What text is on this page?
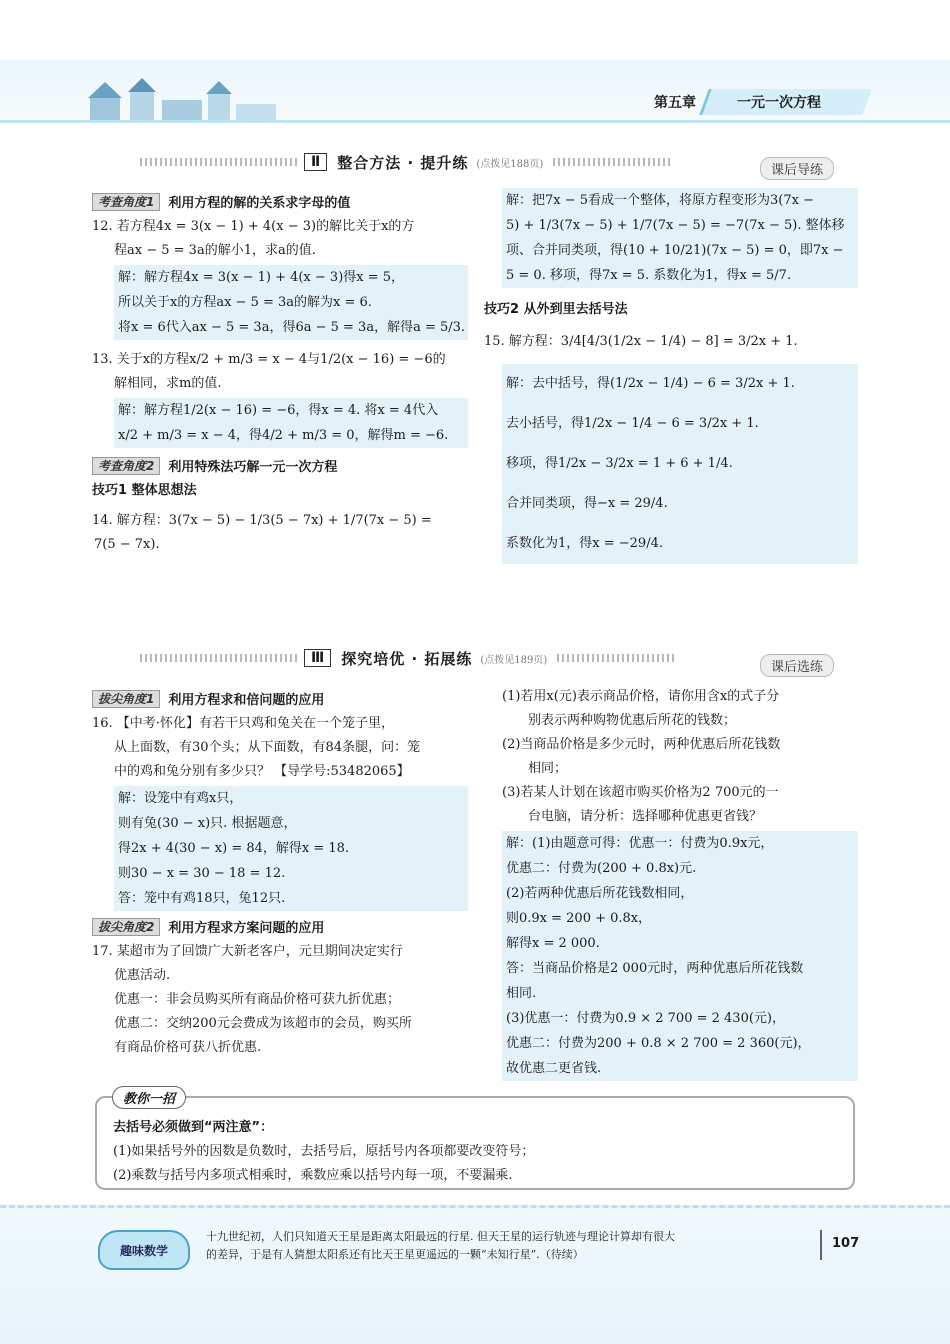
第五章	一元一次方程
Ⅱ	整合方法 · 提升练 (点拨见188页)	课后导练
考查角度1	利用方程的解的关系求字母的值
12. 若方程4x = 3(x − 1) + 4(x − 3)的解比关于x的方
程ax − 5 = 3a的解小1，求a的值.
解：解方程4x = 3(x − 1) + 4(x − 3)得x = 5，
所以关于x的方程ax − 5 = 3a的解为x = 6.
将x = 6代入ax − 5 = 3a，得6a − 5 = 3a，解得a = 5/3.
13. 关于x的方程x/2 + m/3 = x − 4与1/2(x − 16) = −6的
解相同，求m的值.
解：解方程1/2(x − 16) = −6，得x = 4. 将x = 4代入
x/2 + m/3 = x − 4，得4/2 + m/3 = 0，解得m = −6.
考查角度2	利用特殊法巧解一元一次方程
技巧1 整体思想法
14. 解方程：3(7x − 5) − 1/3(5 − 7x) + 1/7(7x − 5) =
7(5 − 7x).
解：把7x − 5看成一个整体，将原方程变形为3(7x −
5) + 1/3(7x − 5) + 1/7(7x − 5) = −7(7x − 5). 整体移
项、合并同类项，得(10 + 10/21)(7x − 5) = 0，即7x −
5 = 0. 移项，得7x = 5. 系数化为1，得x = 5/7.
技巧2 从外到里去括号法
15. 解方程：3/4[4/3(1/2x − 1/4) − 8] = 3/2x + 1.
解：去中括号，得(1/2x − 1/4) − 6 = 3/2x + 1.
去小括号，得1/2x − 1/4 − 6 = 3/2x + 1.
移项，得1/2x − 3/2x = 1 + 6 + 1/4.
合并同类项，得−x = 29/4.
系数化为1，得x = −29/4.
Ⅲ	探究培优 · 拓展练 (点拨见189页)	课后选练
拔尖角度1	利用方程求和倍问题的应用
16. 【中考·怀化】有若干只鸡和兔关在一个笼子里，
从上面数，有30个头；从下面数，有84条腿，问：笼
中的鸡和兔分别有多少只？ 【导学号:53482065】
解：设笼中有鸡x只，
则有兔(30 − x)只. 根据题意，
得2x + 4(30 − x) = 84，解得x = 18.
则30 − x = 30 − 18 = 12.
答：笼中有鸡18只，兔12只.
拔尖角度2	利用方程求方案问题的应用
17. 某超市为了回馈广大新老客户，元旦期间决定实行
优惠活动.
优惠一：非会员购买所有商品价格可获九折优惠；
优惠二：交纳200元会费成为该超市的会员，购买所
有商品价格可获八折优惠.
(1)若用x(元)表示商品价格，请你用含x的式子分
别表示两种购物优惠后所花的钱数；
(2)当商品价格是多少元时，两种优惠后所花钱数
相同；
(3)若某人计划在该超市购买价格为2 700元的一
台电脑，请分析：选择哪种优惠更省钱？
解：(1)由题意可得：优惠一：付费为0.9x元，
优惠二：付费为(200 + 0.8x)元.
(2)若两种优惠后所花钱数相同，
则0.9x = 200 + 0.8x，
解得x = 2 000.
答：当商品价格是2 000元时，两种优惠后所花钱数
相同.
(3)优惠一：付费为0.9 × 2 700 = 2 430(元)，
优惠二：付费为200 + 0.8 × 2 700 = 2 360(元)，
故优惠二更省钱.
去括号必须做到“两注意”：
(1)如果括号外的因数是负数时，去括号后，原括号内各项都要改变符号；
(2)乘数与括号内多项式相乘时，乘数应乘以括号内每一项，不要漏乘.
教你一招
趣味数学
十九世纪初，人们只知道天王星是距离太阳最远的行星. 但天王星的运行轨迹与理论计算却有很大
的差异，于是有人猜想太阳系还有比天王星更遥远的一颗“未知行星”.（待续）
107
